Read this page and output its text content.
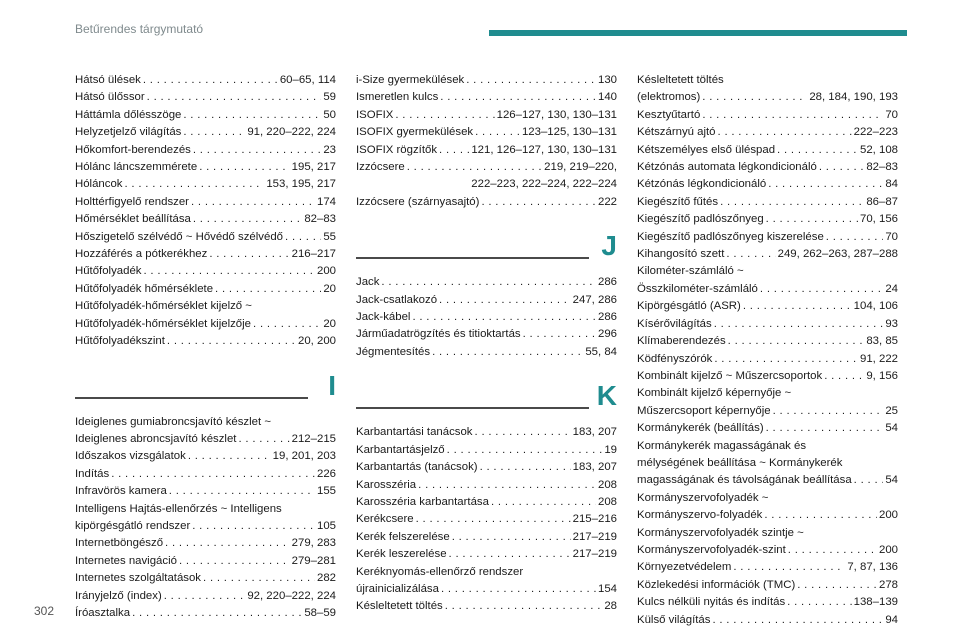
Betűrendes tárgymutató
Hátsó ülések . . .	60–65, 114
Hátsó ülőssor . . .	59
Háttámla dőlésszöge . . .	50
Helyzetjelző világítás . . .	91, 220–222, 224
Hőkomfort-berendezés . . .	23
Hólánc láncszemmérete . . .	195, 217
Hóláncok . . .	153, 195, 217
Holttérfigyelő rendszer . . .	174
Hőmérséklet beállítása . . .	82–83
Hőszigetelő szélvédő ~ Hővédő szélvédő . . .	55
Hozzáférés a pótkerékhez . . .	216–217
Hűtőfolyadék . . .	200
Hűtőfolyadék hőmérséklete . . .	20
Hűtőfolyadék-hőmérséklet kijelző ~
Hűtőfolyadék-hőmérséklet kijelzője . . .	20
Hűtőfolyadékszint . . .	20, 200
I
Ideiglenes gumiabroncsjavító készlet ~
Ideiglenes abroncsjavító készlet . . .	212–215
Időszakos vizsgálatok . . .	19, 201, 203
Indítás . . .	226
Infravörös kamera . . .	155
Intelligens Hajtás-ellenőrzés ~ Intelligens
kipörgésgátló rendszer . . .	105
Internetböngésző . . .	279, 283
Internetes navigáció . . .	279–281
Internetes szolgáltatások . . .	282
Irányjelző (index) . . .	92, 220–222, 224
Íróasztalka . . .	58–59
i-Size gyermekülések . . .	130
Ismeretlen kulcs . . .	140
ISOFIX . . .	126–127, 130, 130–131
ISOFIX gyermekülések . . .	123–125, 130–131
ISOFIX rögzítők . . .	121, 126–127, 130, 130–131
Izzócsere . . .	219, 219–220,
222–223, 222–224, 222–224
Izzócsere (szárnyasajtó) . . .	222
J
Jack . . .	286
Jack-csatlakozó . . .	247, 286
Jack-kábel . . .	286
Járműadatrögzítés és titioktartás . . .	296
Jégmentesítés . . .	55, 84
K
Karbantartási tanácsok . . .	183, 207
Karbantartásjelző . . .	19
Karbantartás (tanácsok) . . .	183, 207
Karosszéria . . .	208
Karosszéria karbantartása . . .	208
Kerékcsere . . .	215–216
Kerék felszerelése . . .	217–219
Kerék leszerelése . . .	217–219
Keréknyomás-ellenőrző rendszer
újrainicializálása . . .	154
Késleltetett töltés . . .	28
Késleltetett töltés
(elektromos) . . .	28, 184, 190, 193
Kesztyűtartó . . .	70
Kétszárnyú ajtó . . .	222–223
Kétszemélyes első üléspad . . .	52, 108
Kétzónás automata légkondicionáló . . .	82–83
Kétzónás légkondicionáló . . .	84
Kiegészítő fűtés . . .	86–87
Kiegészítő padlószőnyeg . . .	70, 156
Kiegészítő padlószőnyeg kiszerelése . . .	70
Kihangosító szett . . .	249, 262–263, 287–288
Kilométer-számláló ~
Összkilométer-számláló . . .	24
Kipörgésgátló (ASR) . . .	104, 106
Kísérővilágítás . . .	93
Klímaberendezés . . .	83, 85
Ködfényszórók . . .	91, 222
Kombinált kijelző ~ Műszercsoportok . . .	9, 156
Kombinált kijelző képernyője ~
Műszercsoport képernyője . . .	25
Kormánykerék (beállítás) . . .	54
Kormánykerék magasságának és
mélységének beállítása ~ Kormánykerék
magasságának és távolságának beállítása . . .	54
Kormányszervofolyadék ~
Kormányszervo-folyadék . . .	200
Kormányszervofolyadék szintje ~
Kormányszervofolyadék-szint . . .	200
Környezetvédelem . . .	7, 87, 136
Közlekedési információk (TMC) . . .	278
Kulcs nélküli nyitás és indítás . . .	138–139
Külső világítás . . .	94
302
